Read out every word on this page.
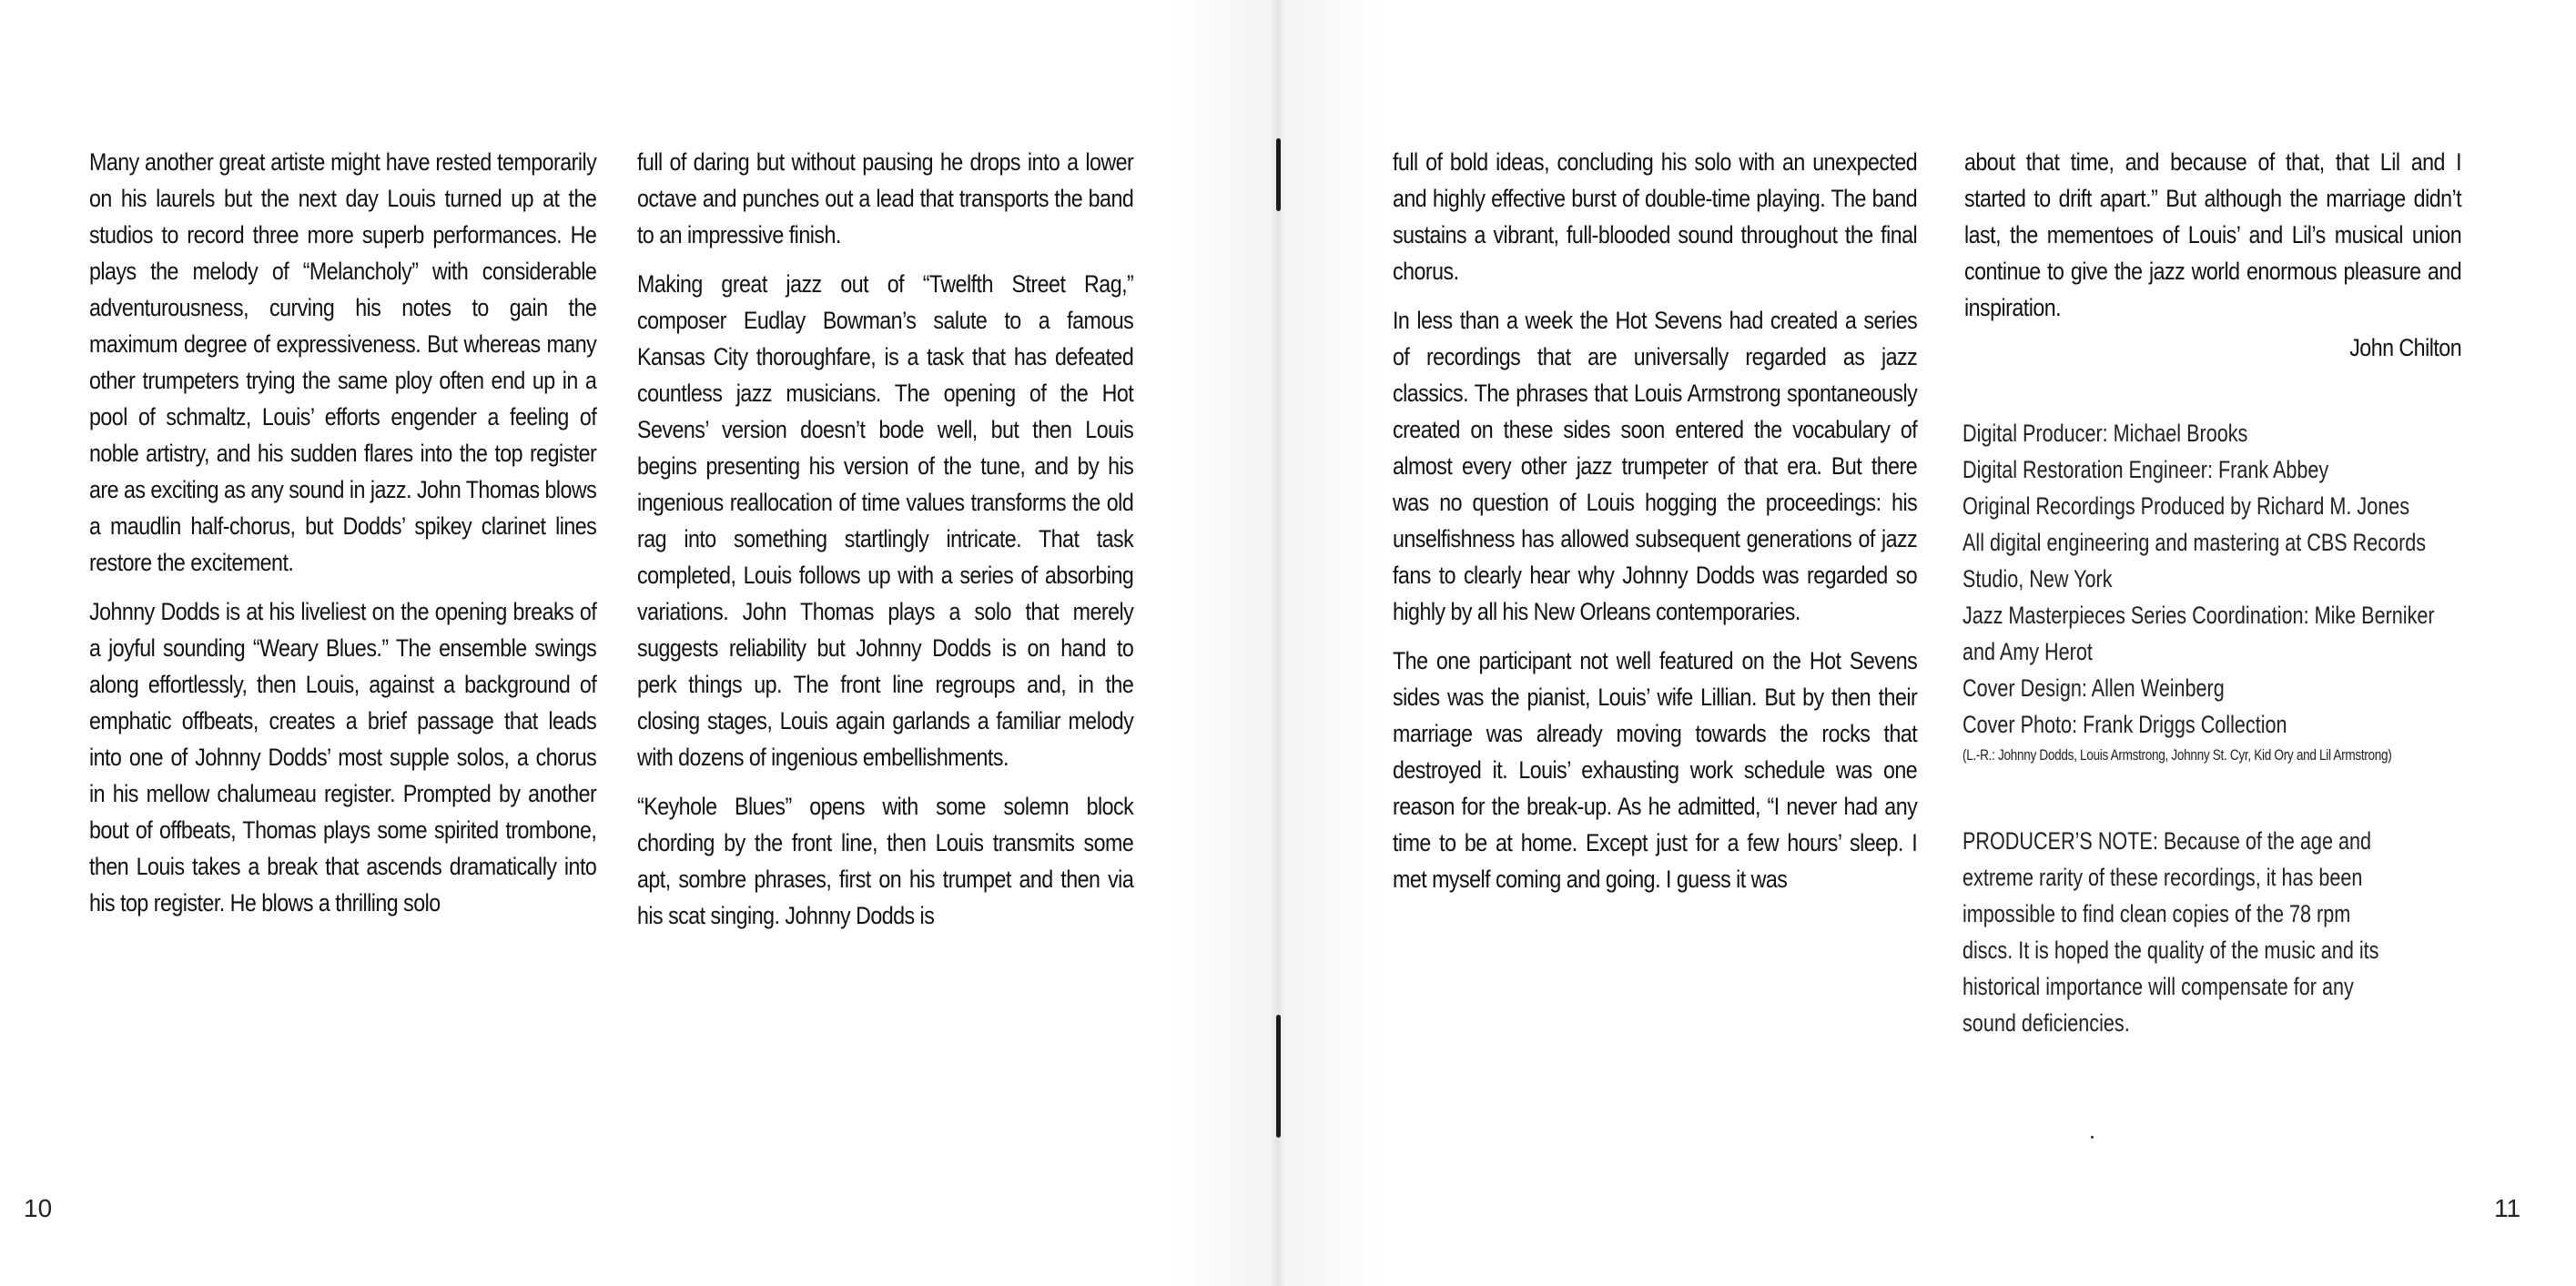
Many another great artiste might have rested temporarily on his laurels but the next day Louis turned up at the studios to record three more superb performances. He plays the melody of “Melancholy” with considerable adventurousness, curving his notes to gain the maximum degree of expressiveness. But whereas many other trumpeters trying the same ploy often end up in a pool of schmaltz, Louis’ efforts engender a feeling of noble artistry, and his sudden flares into the top register are as exciting as any sound in jazz. John Thomas blows a maudlin half-chorus, but Dodds’ spikey clarinet lines restore the excitement.

Johnny Dodds is at his liveliest on the opening breaks of a joyful sounding “Weary Blues.” The ensemble swings along effortlessly, then Louis, against a background of emphatic offbeats, creates a brief passage that leads into one of Johnny Dodds’ most supple solos, a chorus in his mellow chalumeau register. Prompted by another bout of offbeats, Thomas plays some spirited trombone, then Louis takes a break that ascends dramatically into his top register. He blows a thrilling solo

full of daring but without pausing he drops into a lower octave and punches out a lead that transports the band to an impressive finish.

Making great jazz out of “Twelfth Street Rag,” composer Eudlay Bowman’s salute to a famous Kansas City thoroughfare, is a task that has defeated countless jazz musicians. The opening of the Hot Sevens’ version doesn’t bode well, but then Louis begins presenting his version of the tune, and by his ingenious reallocation of time values transforms the old rag into something startlingly intricate. That task completed, Louis follows up with a series of absorbing variations. John Thomas plays a solo that merely suggests reliability but Johnny Dodds is on hand to perk things up. The front line regroups and, in the closing stages, Louis again garlands a familiar melody with dozens of ingenious embellishments.

“Keyhole Blues” opens with some solemn block chording by the front line, then Louis transmits some apt, sombre phrases, first on his trumpet and then via his scat singing. Johnny Dodds is

10

full of bold ideas, concluding his solo with an unexpected and highly effective burst of double-time playing. The band sustains a vibrant, full-blooded sound throughout the final chorus.

In less than a week the Hot Sevens had created a series of recordings that are universally regarded as jazz classics. The phrases that Louis Armstrong spontaneously created on these sides soon entered the vocabulary of almost every other jazz trumpeter of that era. But there was no question of Louis hogging the proceedings: his unselfishness has allowed subsequent generations of jazz fans to clearly hear why Johnny Dodds was regarded so highly by all his New Orleans contemporaries.

The one participant not well featured on the Hot Sevens sides was the pianist, Louis’ wife Lillian. But by then their marriage was already moving towards the rocks that destroyed it. Louis’ exhausting work schedule was one reason for the break-up. As he admitted, “I never had any time to be at home. Except just for a few hours’ sleep. I met myself coming and going. I guess it was

about that time, and because of that, that Lil and I started to drift apart.” But although the marriage didn’t last, the mementoes of Louis’ and Lil’s musical union continue to give the jazz world enormous pleasure and inspiration.

John Chilton

Digital Producer: Michael Brooks
Digital Restoration Engineer: Frank Abbey
Original Recordings Produced by Richard M. Jones
All digital engineering and mastering at CBS Records
Studio, New York
Jazz Masterpieces Series Coordination: Mike Berniker
and Amy Herot
Cover Design: Allen Weinberg
Cover Photo: Frank Driggs Collection
(L.-R.: Johnny Dodds, Louis Armstrong, Johnny St. Cyr, Kid Ory and Lil Armstrong)

PRODUCER’S NOTE: Because of the age and extreme rarity of these recordings, it has been impossible to find clean copies of the 78 rpm discs. It is hoped the quality of the music and its historical importance will compensate for any sound deficiencies.

11
